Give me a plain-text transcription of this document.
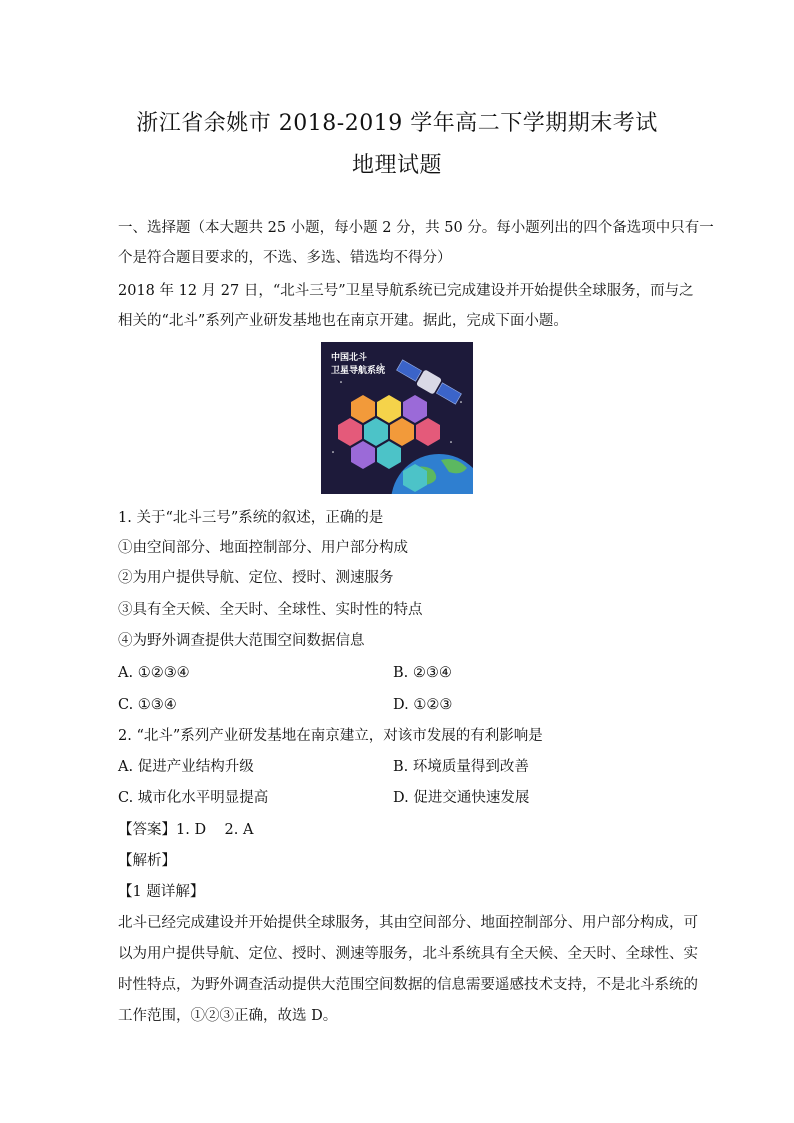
浙江省余姚市 2018-2019 学年高二下学期期末考试
地理试题
一、选择题（本大题共 25 小题，每小题 2 分，共 50 分。每小题列出的四个备选项中只有一
个是符合题目要求的，不选、多选、错选均不得分）
2018 年 12 月 27 日，“北斗三号”卫星导航系统已完成建设并开始提供全球服务，而与之
相关的“北斗”系列产业研发基地也在南京开建。据此，完成下面小题。
中国北斗
卫星导航系统
1. 关于“北斗三号”系统的叙述，正确的是
①由空间部分、地面控制部分、用户部分构成
②为用户提供导航、定位、授时、测速服务
③具有全天候、全天时、全球性、实时性的特点
④为野外调查提供大范围空间数据信息
A. ①②③④	B. ②③④
C. ①③④	D. ①②③
2. “北斗”系列产业研发基地在南京建立，对该市发展的有利影响是
A. 促进产业结构升级	B. 环境质量得到改善
C. 城市化水平明显提高	D. 促进交通快速发展
【答案】1. D    2. A
【解析】
【1 题详解】
北斗已经完成建设并开始提供全球服务，其由空间部分、地面控制部分、用户部分构成，可
以为用户提供导航、定位、授时、测速等服务，北斗系统具有全天候、全天时、全球性、实
时性特点，为野外调查活动提供大范围空间数据的信息需要遥感技术支持，不是北斗系统的
工作范围，①②③正确，故选 D。
